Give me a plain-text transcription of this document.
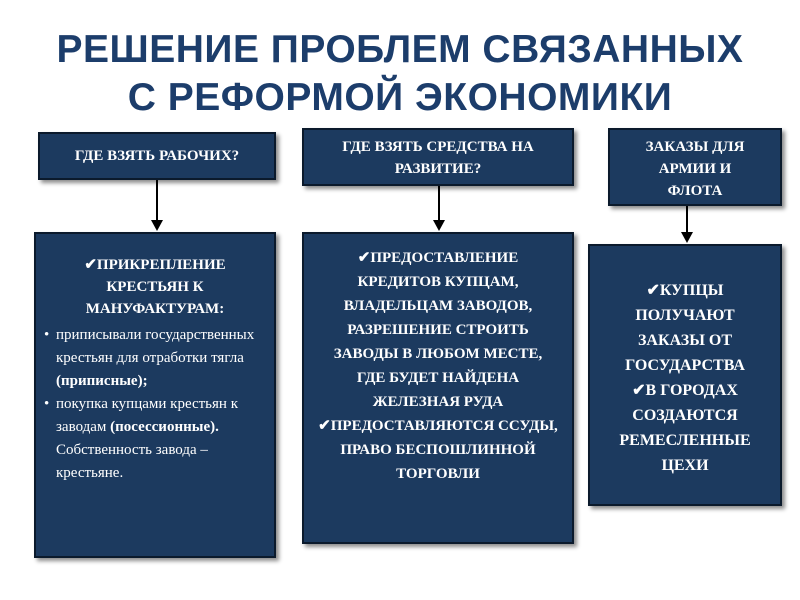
РЕШЕНИЕ ПРОБЛЕМ СВЯЗАННЫХ
С РЕФОРМОЙ ЭКОНОМИКИ
ГДЕ ВЗЯТЬ РАБОЧИХ?
✔ПРИКРЕПЛЕНИЕ КРЕСТЬЯН К МАНУФАКТУРАМ:
• приписывали государственных крестьян для отработки тягла (приписные);
• покупка купцами крестьян к заводам (посессионные). Собственность завода – крестьяне.
ГДЕ ВЗЯТЬ СРЕДСТВА НА РАЗВИТИЕ?
✔ПРЕДОСТАВЛЕНИЕ КРЕДИТОВ КУПЦАМ, ВЛАДЕЛЬЦАМ ЗАВОДОВ, РАЗРЕШЕНИЕ СТРОИТЬ ЗАВОДЫ В ЛЮБОМ МЕСТЕ, ГДЕ БУДЕТ НАЙДЕНА ЖЕЛЕЗНАЯ РУДА
✔ПРЕДОСТАВЛЯЮТСЯ ССУДЫ, ПРАВО БЕСПОШЛИННОЙ ТОРГОВЛИ
ЗАКАЗЫ ДЛЯ АРМИИ И ФЛОТА
✔КУПЦЫ ПОЛУЧАЮТ ЗАКАЗЫ ОТ ГОСУДАРСТВА
✔В ГОРОДАХ СОЗДАЮТСЯ РЕМЕСЛЕННЫЕ ЦЕХИ
